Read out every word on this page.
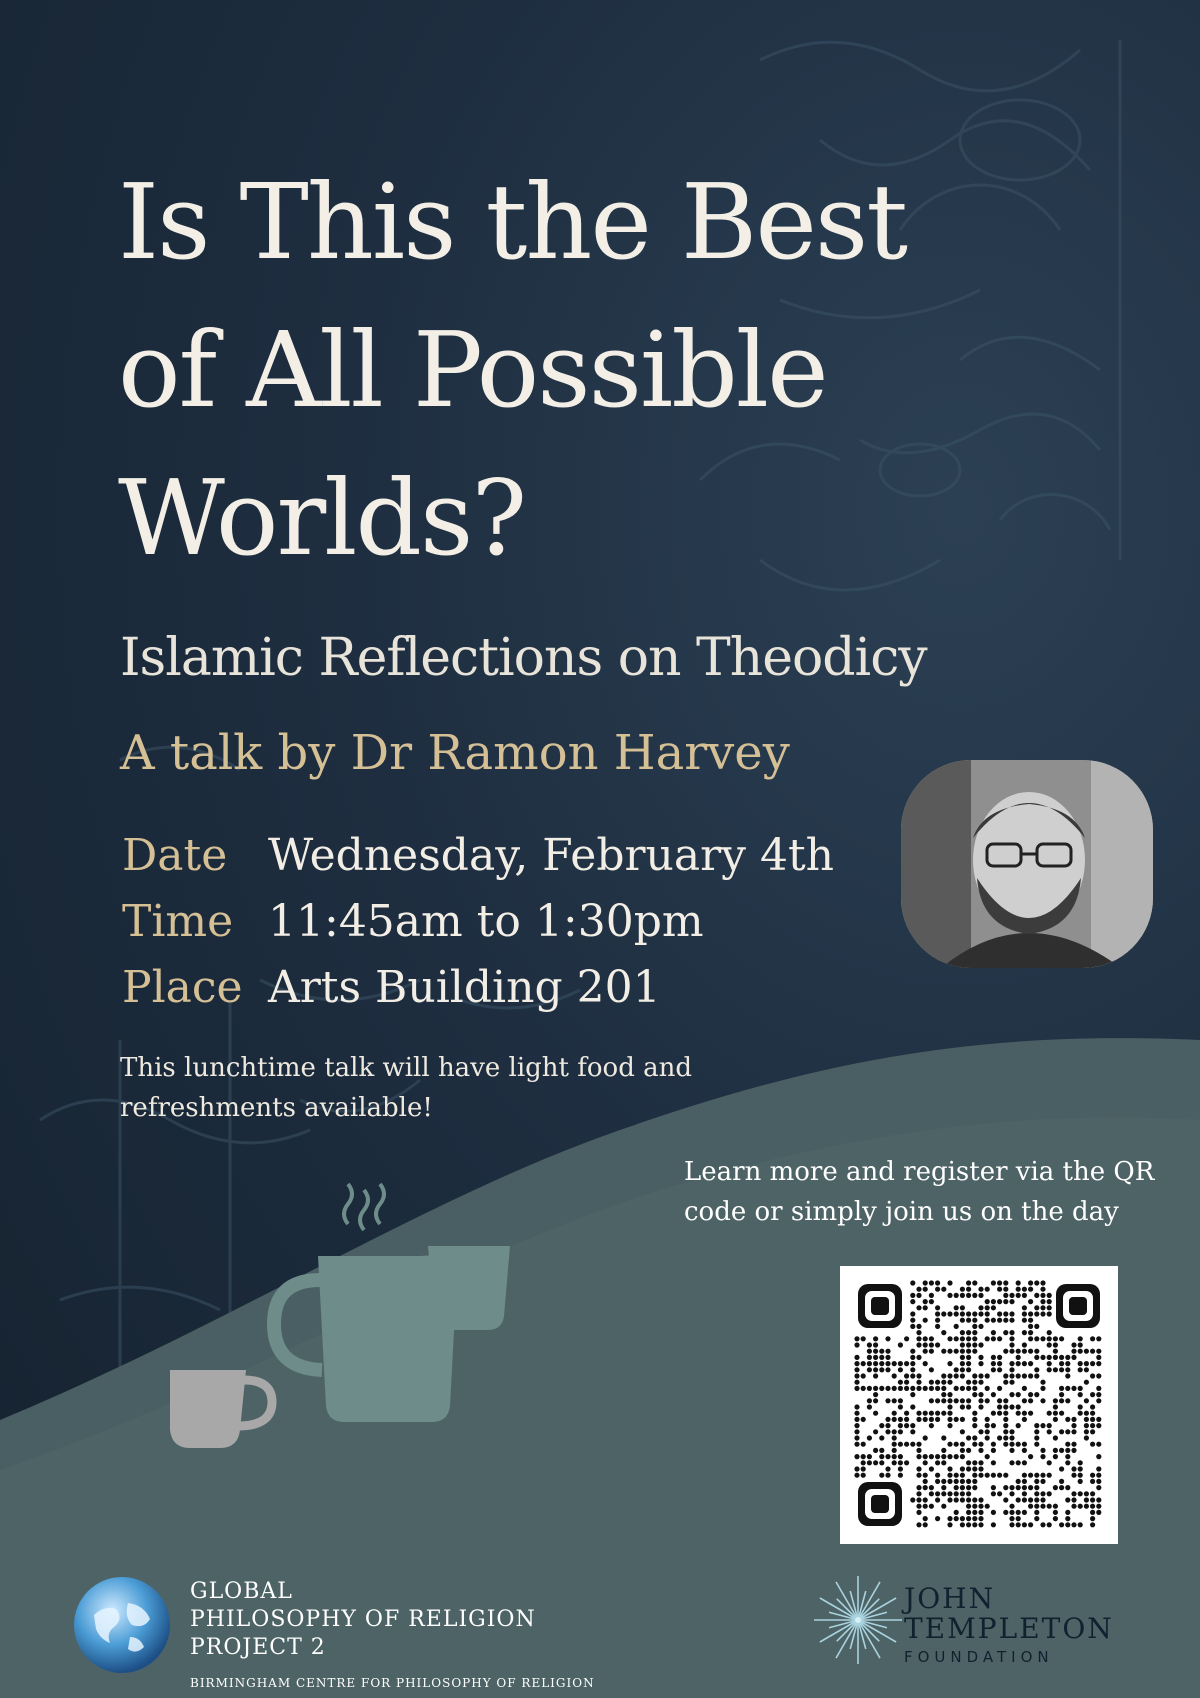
Is This the Best
of All Possible
Worlds?
Islamic Reflections on Theodicy
A talk by Dr Ramon Harvey
Date Wednesday, February 4th
Time 11:45am to 1:30pm
Place Arts Building 201

This lunchtime talk will have light food and refreshments available!

Learn more and register via the QR code or simply join us on the day

GLOBAL
PHILOSOPHY OF RELIGION
PROJECT 2
BIRMINGHAM CENTRE FOR PHILOSOPHY OF RELIGION
JOHN
TEMPLETON
FOUNDATION
